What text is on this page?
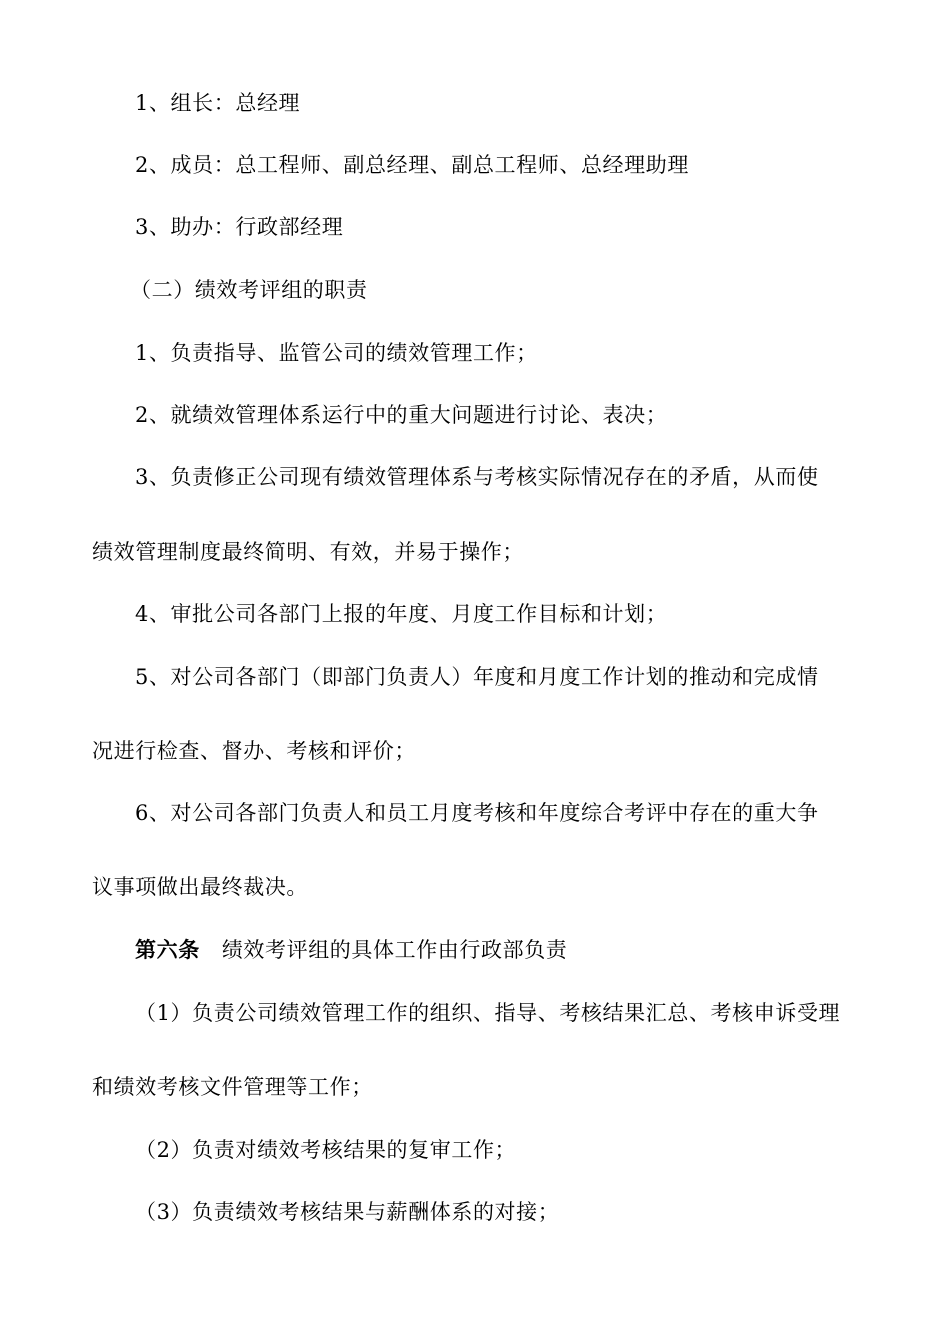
1、组长：总经理
2、成员：总工程师、副总经理、副总工程师、总经理助理
3、助办：行政部经理
（二）绩效考评组的职责
1、负责指导、监管公司的绩效管理工作；
2、就绩效管理体系运行中的重大问题进行讨论、表决；
3、负责修正公司现有绩效管理体系与考核实际情况存在的矛盾，从而使
绩效管理制度最终简明、有效，并易于操作；
4、审批公司各部门上报的年度、月度工作目标和计划；
5、对公司各部门（即部门负责人）年度和月度工作计划的推动和完成情
况进行检查、督办、考核和评价；
6、对公司各部门负责人和员工月度考核和年度综合考评中存在的重大争
议事项做出最终裁决。
第六条 绩效考评组的具体工作由行政部负责
（1）负责公司绩效管理工作的组织、指导、考核结果汇总、考核申诉受理
和绩效考核文件管理等工作；
（2）负责对绩效考核结果的复审工作；
（3）负责绩效考核结果与薪酬体系的对接；
